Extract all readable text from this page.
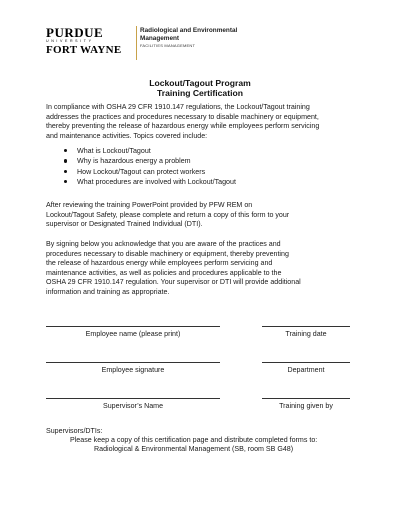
PURDUE
UNIVERSITY
FORT WAYNE
Radiological and Environmental
Management
FACILITIES MANAGEMENT
Lockout/Tagout Program
Training Certification
In compliance with OSHA 29 CFR 1910.147 regulations, the Lockout/Tagout training
addresses the practices and procedures necessary to disable machinery or equipment,
thereby preventing the release of hazardous energy while employees perform servicing
and maintenance activities. Topics covered include:
What is Lockout/Tagout
Why is hazardous energy a problem
How Lockout/Tagout can protect workers
What procedures are involved with Lockout/Tagout
After reviewing the training PowerPoint provided by PFW REM on
Lockout/Tagout Safety, please complete and return a copy of this form to your
supervisor or Designated Trained Individual (DTI).
By signing below you acknowledge that you are aware of the practices and
procedures necessary to disable machinery or equipment, thereby preventing
the release of hazardous energy while employees perform servicing and
maintenance activities, as well as policies and procedures applicable to the
OSHA 29 CFR 1910.147 regulation. Your supervisor or DTI will provide additional
information and training as appropriate.
Employee name (please print)	Training date
Employee signature	Department
Supervisor’s Name	Training given by
Supervisors/DTIs:
Please keep a copy of this certification page and distribute completed forms to:
Radiological & Environmental Management (SB, room SB G48)
